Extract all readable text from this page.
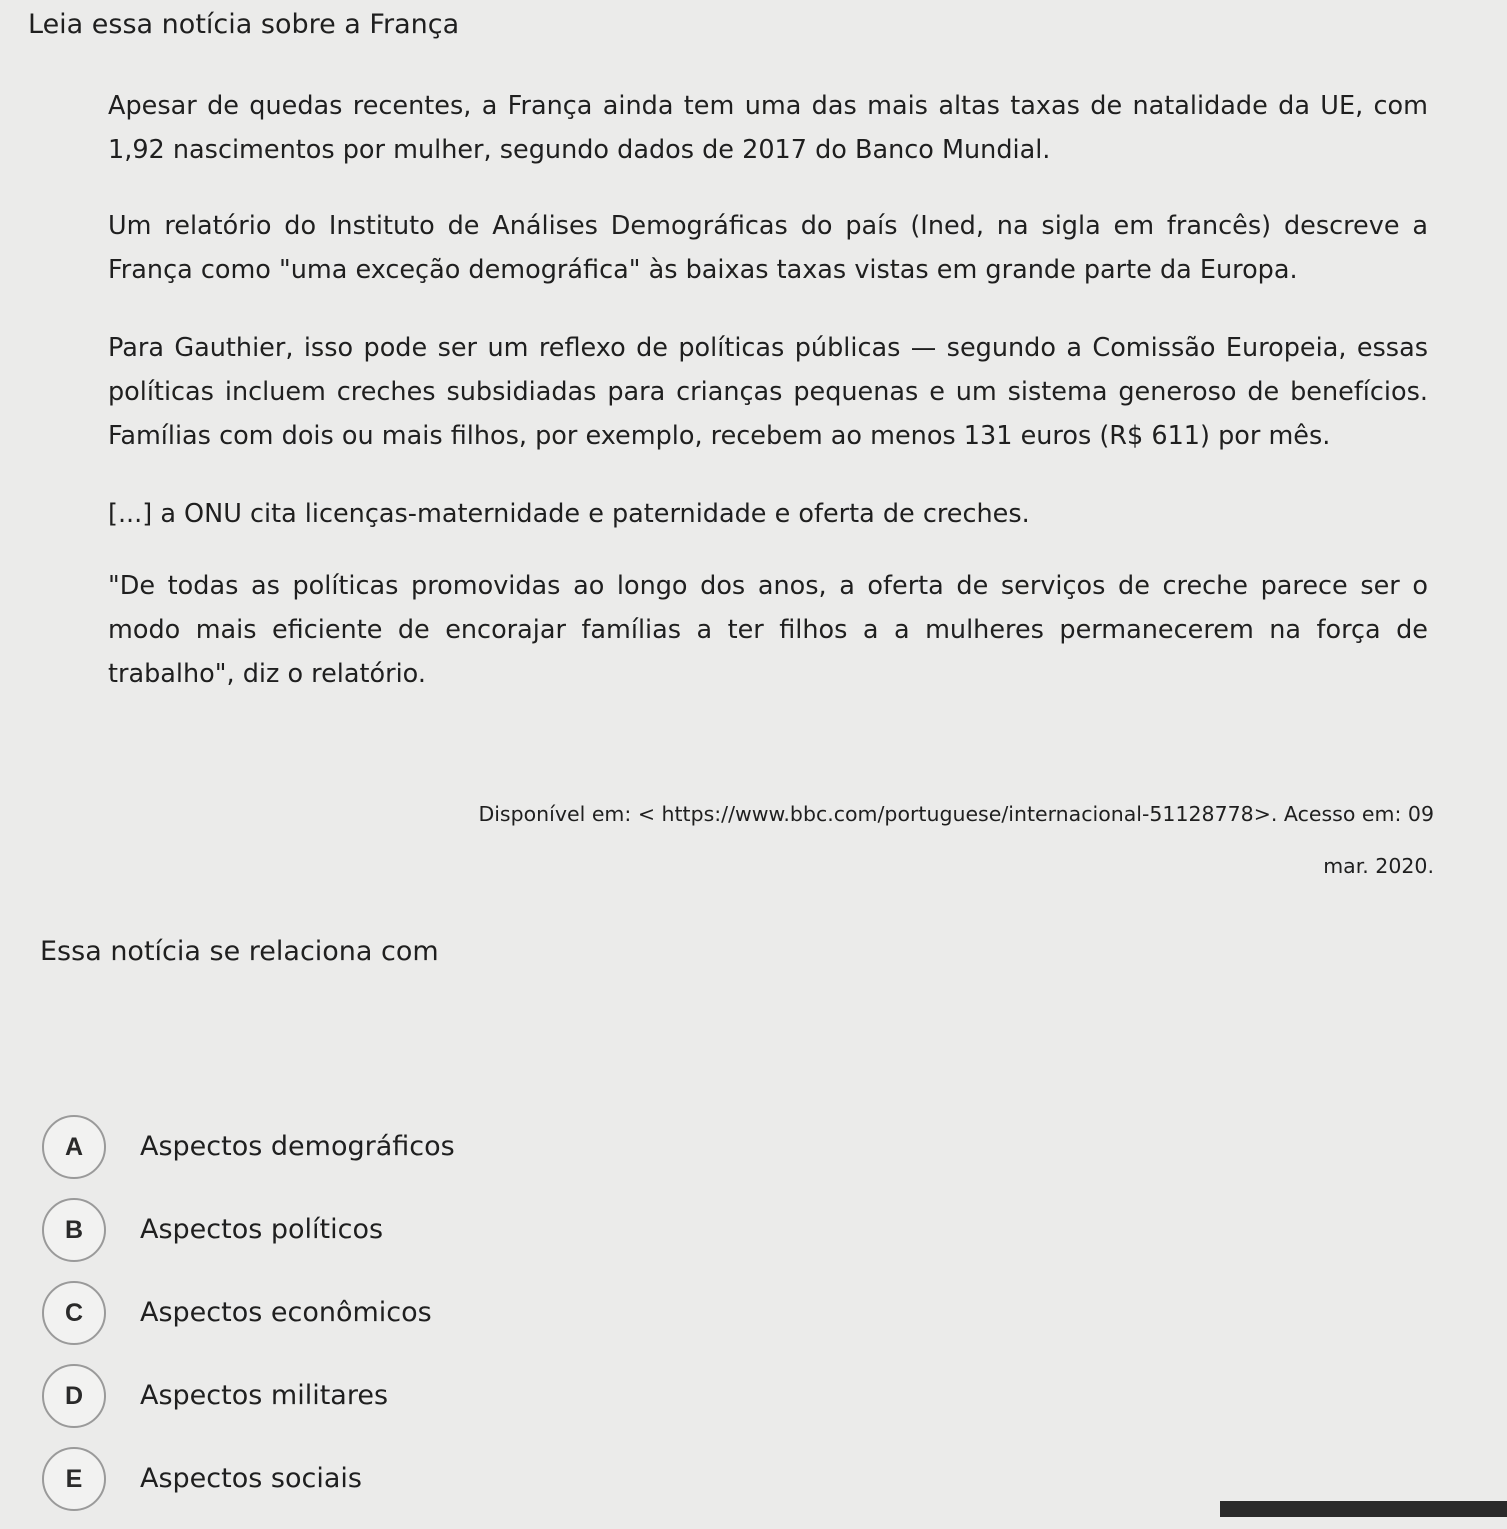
Leia essa notícia sobre a França

Apesar de quedas recentes, a França ainda tem uma das mais altas taxas de natalidade da UE, com 1,92 nascimentos por mulher, segundo dados de 2017 do Banco Mundial.

Um relatório do Instituto de Análises Demográficas do país (Ined, na sigla em francês) descreve a França como "uma exceção demográfica" às baixas taxas vistas em grande parte da Europa.

Para Gauthier, isso pode ser um reflexo de políticas públicas — segundo a Comissão Europeia, essas políticas incluem creches subsidiadas para crianças pequenas e um sistema generoso de benefícios. Famílias com dois ou mais filhos, por exemplo, recebem ao menos 131 euros (R$ 611) por mês.

[...] a ONU cita licenças-maternidade e paternidade e oferta de creches.

"De todas as políticas promovidas ao longo dos anos, a oferta de serviços de creche parece ser o modo mais eficiente de encorajar famílias a ter filhos a a mulheres permanecerem na força de trabalho", diz o relatório.

Disponível em: < https://www.bbc.com/portuguese/internacional-51128778>. Acesso em: 09 mar. 2020.

Essa notícia se relaciona com

A	Aspectos demográficos
B	Aspectos políticos
C	Aspectos econômicos
D	Aspectos militares
E	Aspectos sociais
